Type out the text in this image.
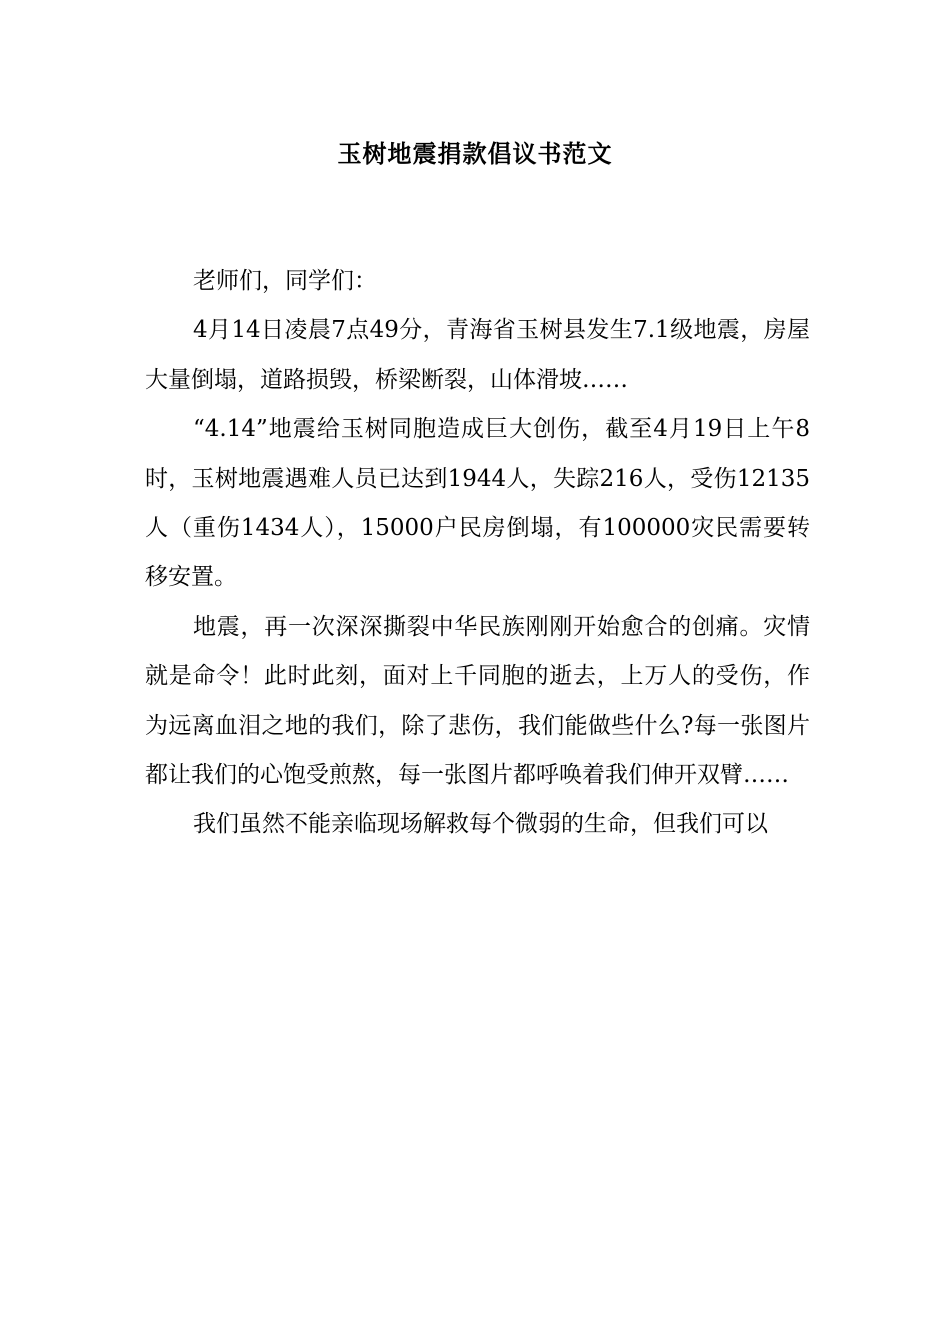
玉树地震捐款倡议书范文

老师们，同学们：

4月14日凌晨7点49分，青海省玉树县发生7.1级地震，房屋大量倒塌，道路损毁，桥梁断裂，山体滑坡……

“4.14”地震给玉树同胞造成巨大创伤，截至4月19日上午8时，玉树地震遇难人员已达到1944人，失踪216人，受伤12135人（重伤1434人），15000户民房倒塌，有100000灾民需要转移安置。

地震，再一次深深撕裂中华民族刚刚开始愈合的创痛。灾情就是命令！此时此刻，面对上千同胞的逝去，上万人的受伤，作为远离血泪之地的我们，除了悲伤，我们能做些什么?每一张图片都让我们的心饱受煎熬，每一张图片都呼唤着我们伸开双臂……

我们虽然不能亲临现场解救每个微弱的生命，但我们可以
